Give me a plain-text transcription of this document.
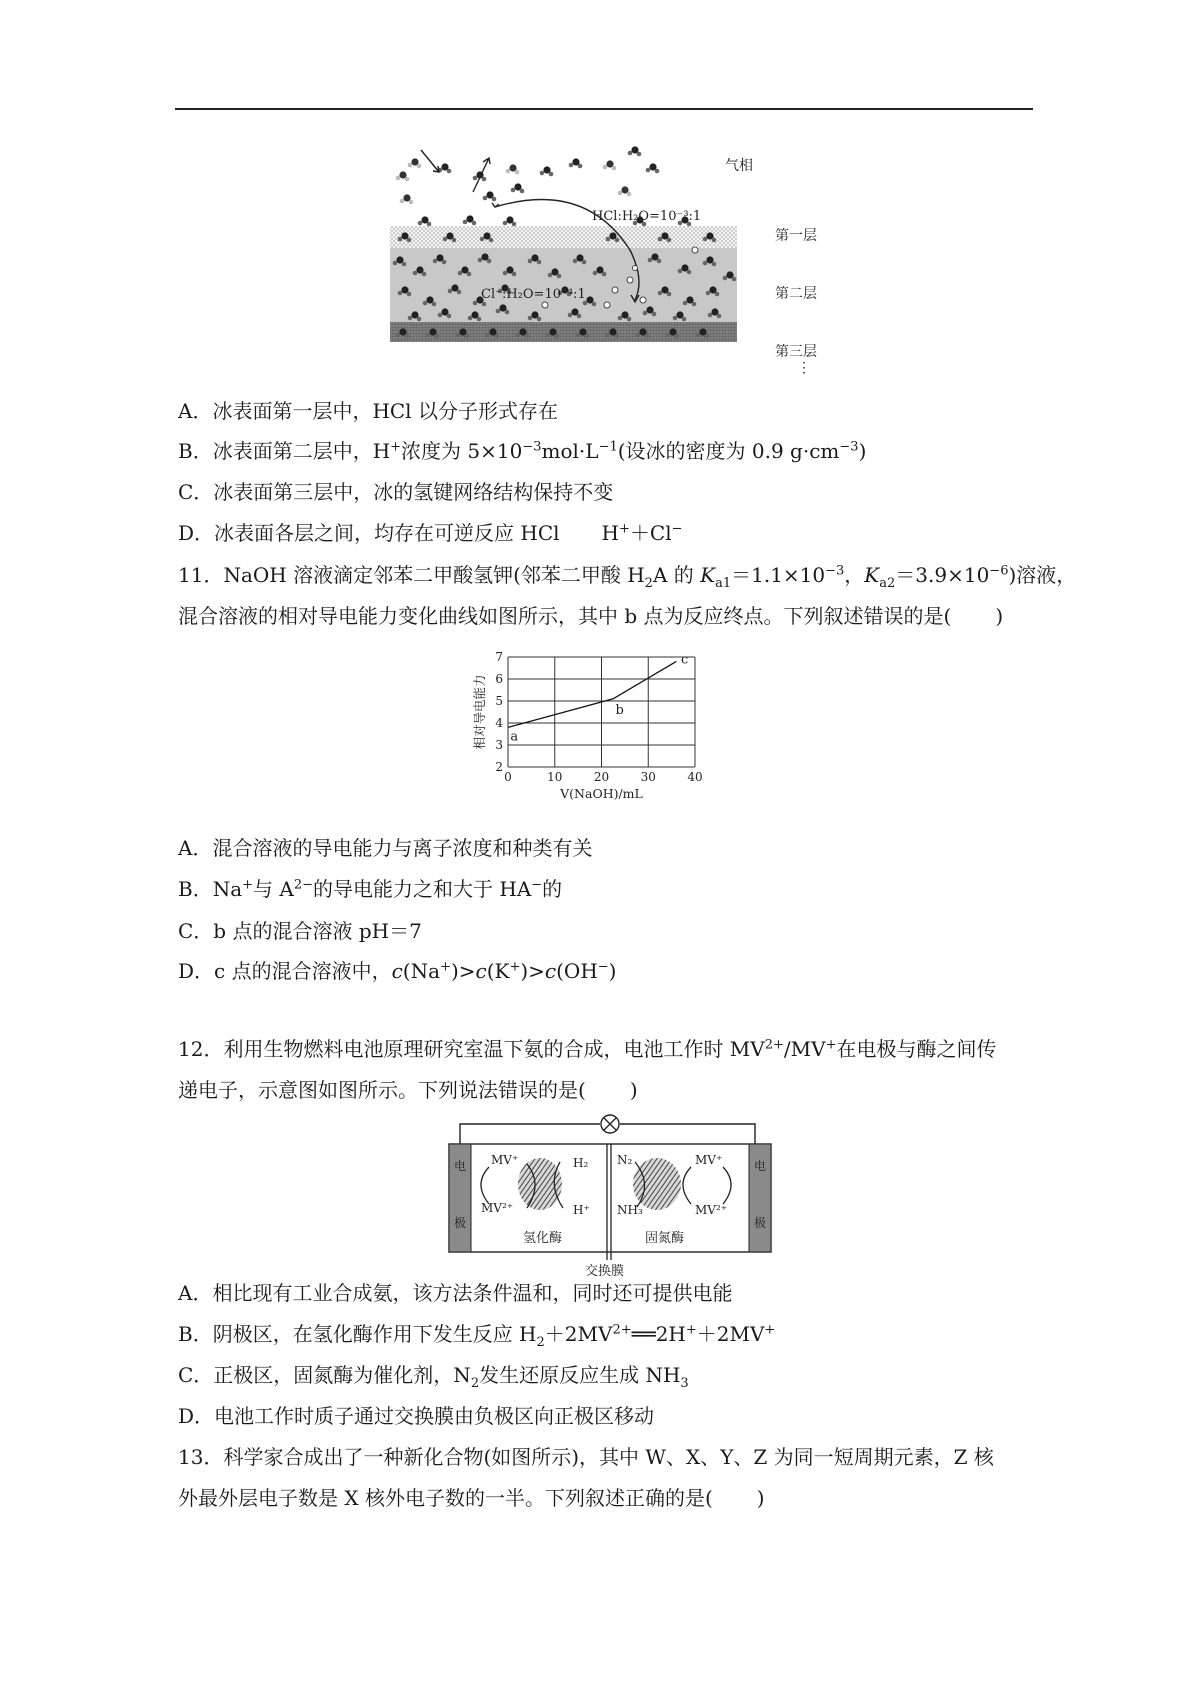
气相
第一层
第二层
第三层
⋮
HCl:H₂O=10⁻³:1
Cl⁻:H₂O=10⁻⁴:1
A．冰表面第一层中，HCl 以分子形式存在
B．冰表面第二层中，H+浓度为 $5\times 10^{-3}mol\cdot L^{-1}$(设冰的密度为 0.9 $g\cdot cm^{-3}$)
C．冰表面第三层中，冰的氢键网络结构保持不变
D．冰表面各层之间，均存在可逆反应 HCl H+＋Cl−
11．NaOH 溶液滴定邻苯二甲酸氢钾(邻苯二甲酸 $H_2A$ 的 $K_{a1}=1.1\times 10^{-3}$，$K_{a2}=3.9\times 10^{-6}$)溶液，
混合溶液的相对导电能力变化曲线如图所示，其中 b 点为反应终点。下列叙述错误的是( )
0	10	20	30	40
2
3
4
5
6
7
V(NaOH)/mL
相对导电能力 a
b
c
A．混合溶液的导电能力与离子浓度和种类有关
B．Na+与 $A^{2-}$的导电能力之和大于 HA−的
C．b 点的混合溶液 pH＝7
D．c 点的混合溶液中，c(Na+)>c(K+)>c(OH−)
12．利用生物燃料电池原理研究室温下氨的合成，电池工作时 $MV^{2+}/MV^+$在电极与酶之间传
递电子，示意图如图所示。下列说法错误的是( )
电
极
电
极
MV⁺
MV²⁺
H₂
H⁺
N₂
NH₃
MV⁺
MV²⁺
氢化酶	固氮酶
交换膜
A．相比现有工业合成氨，该方法条件温和，同时还可提供电能
B．阴极区，在氢化酶作用下发生反应 $H_2+2MV^{2+}══2H^++2MV^+$
C．正极区，固氮酶为催化剂，$N_2$发生还原反应生成 $NH_3$
D．电池工作时质子通过交换膜由负极区向正极区移动
13．科学家合成出了一种新化合物(如图所示)，其中 W、X、Y、Z 为同一短周期元素，Z 核
外最外层电子数是 X 核外电子数的一半。下列叙述正确的是( )
